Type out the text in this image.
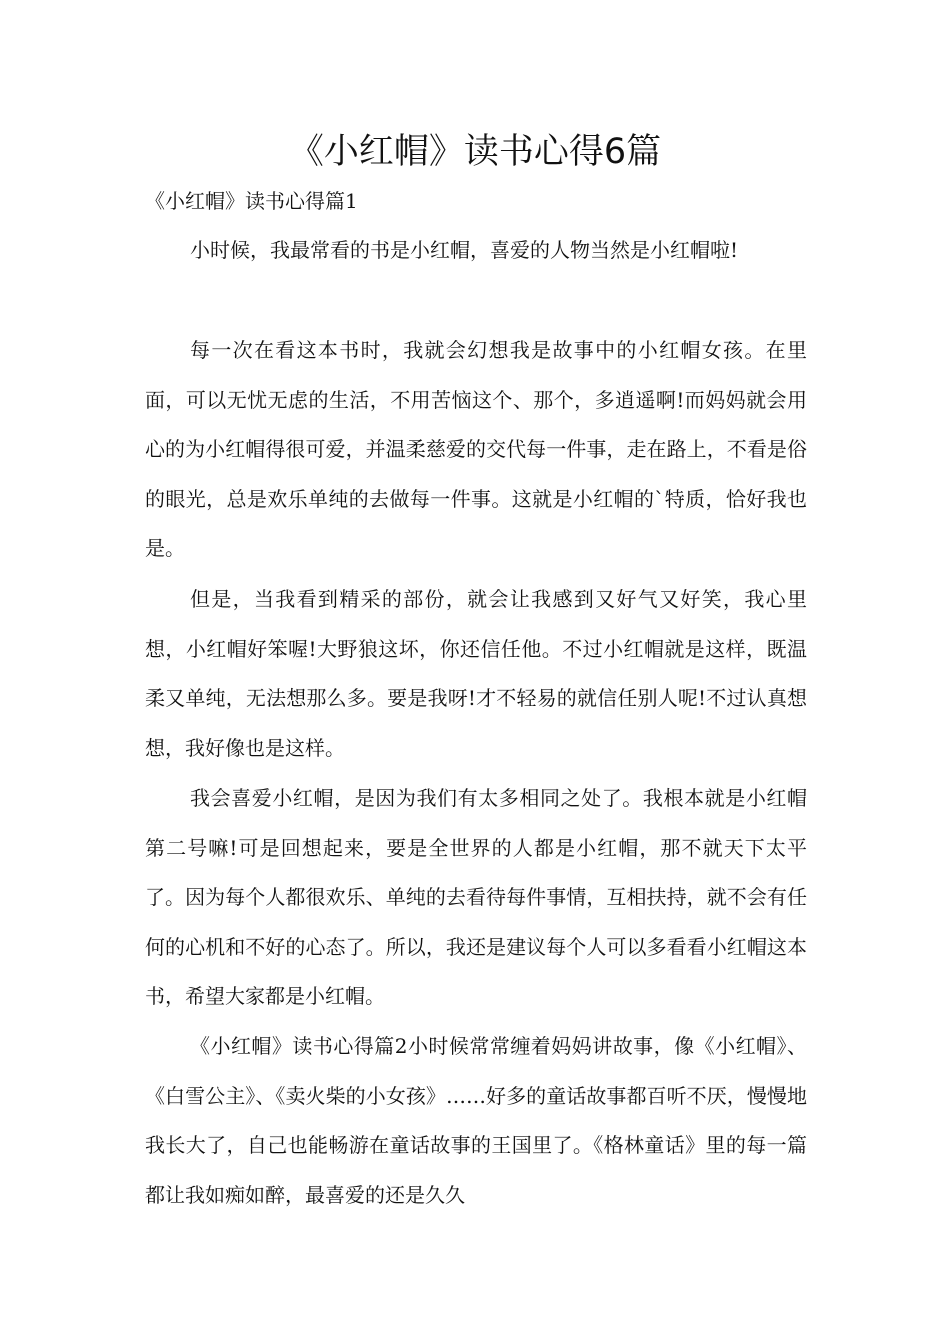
《小红帽》读书心得6篇

《小红帽》读书心得篇1

小时候，我最常看的书是小红帽，喜爱的人物当然是小红帽啦!

每一次在看这本书时，我就会幻想我是故事中的小红帽女孩。在里面，可以无忧无虑的生活，不用苦恼这个、那个，多逍遥啊!而妈妈就会用心的为小红帽得很可爱，并温柔慈爱的交代每一件事，走在路上，不看是俗的眼光，总是欢乐单纯的去做每一件事。这就是小红帽的`特质，恰好我也是。

但是，当我看到精采的部份，就会让我感到又好气又好笑，我心里想，小红帽好笨喔!大野狼这坏，你还信任他。不过小红帽就是这样，既温柔又单纯，无法想那么多。要是我呀!才不轻易的就信任别人呢!不过认真想想，我好像也是这样。

我会喜爱小红帽，是因为我们有太多相同之处了。我根本就是小红帽第二号嘛!可是回想起来，要是全世界的人都是小红帽，那不就天下太平了。因为每个人都很欢乐、单纯的去看待每件事情，互相扶持，就不会有任何的心机和不好的心态了。所以，我还是建议每个人可以多看看小红帽这本书，希望大家都是小红帽。

《小红帽》读书心得篇2小时候常常缠着妈妈讲故事，像《小红帽》、《白雪公主》、《卖火柴的小女孩》……好多的童话故事都百听不厌，慢慢地我长大了，自己也能畅游在童话故事的王国里了。《格林童话》里的每一篇都让我如痴如醉，最喜爱的还是久久
